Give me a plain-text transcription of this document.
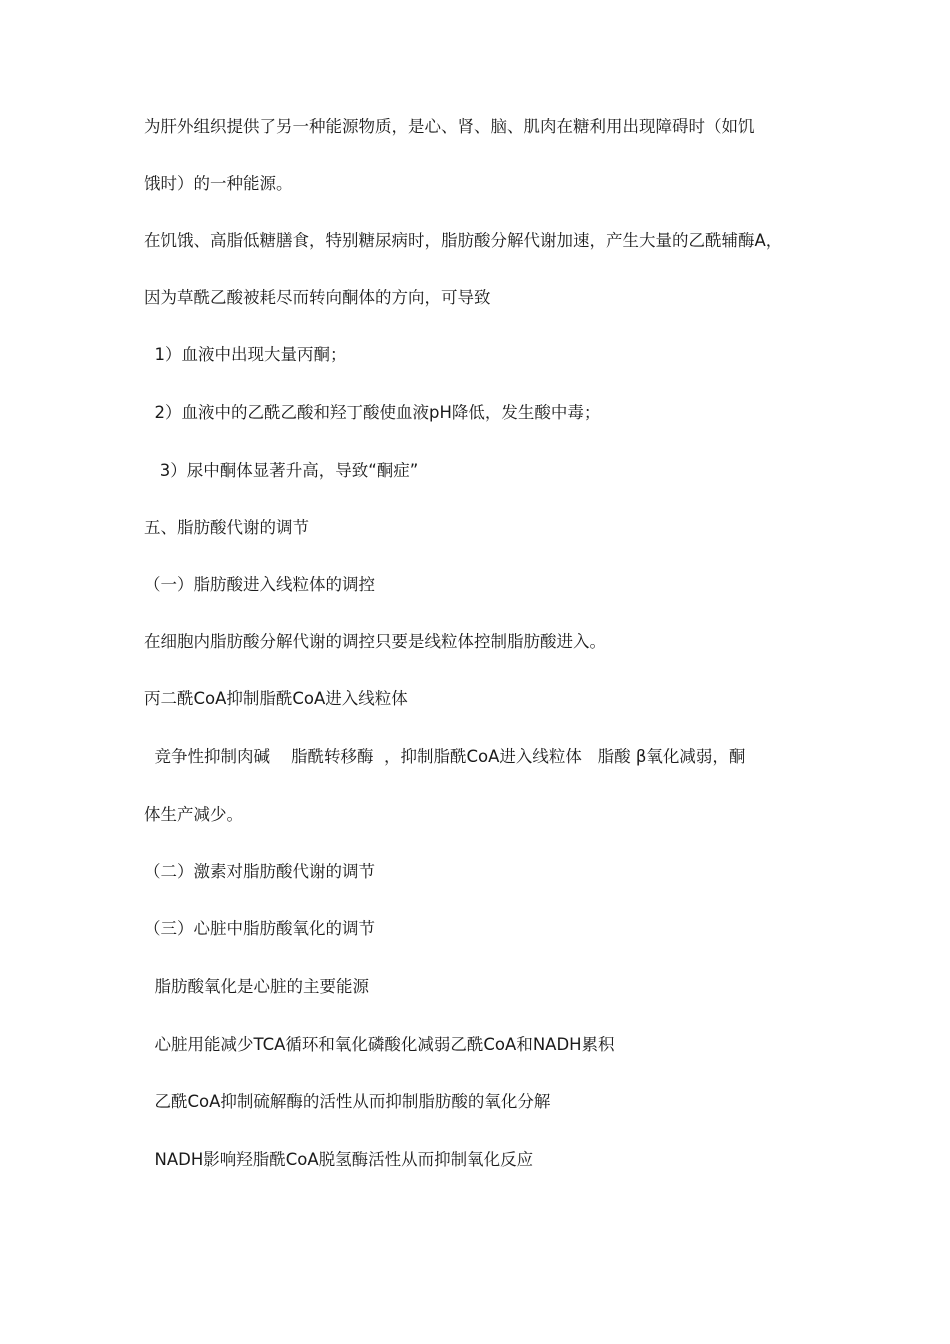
为肝外组织提供了另一种能源物质，是心、肾、脑、肌肉在糖利用出现障碍时（如饥
饿时）的一种能源。
在饥饿、高脂低糖膳食，特别糖尿病时，脂肪酸分解代谢加速，产生大量的乙酰辅酶A，
因为草酰乙酸被耗尽而转向酮体的方向，可导致
1）血液中出现大量丙酮；
2）血液中的乙酰乙酸和羟丁酸使血液pH降低，发生酸中毒；
3）尿中酮体显著升高，导致“酮症”
五、脂肪酸代谢的调节
（一）脂肪酸进入线粒体的调控
在细胞内脂肪酸分解代谢的调控只要是线粒体控制脂肪酸进入。
丙二酰CoA抑制脂酰CoA进入线粒体
竞争性抑制肉碱    脂酰转移酶  ，抑制脂酰CoA进入线粒体   脂酸 β氧化减弱，酮
体生产减少。
（二）激素对脂肪酸代谢的调节
（三）心脏中脂肪酸氧化的调节
脂肪酸氧化是心脏的主要能源
心脏用能减少TCA循环和氧化磷酸化减弱乙酰CoA和NADH累积
乙酰CoA抑制硫解酶的活性从而抑制脂肪酸的氧化分解
NADH影响羟脂酰CoA脱氢酶活性从而抑制氧化反应
